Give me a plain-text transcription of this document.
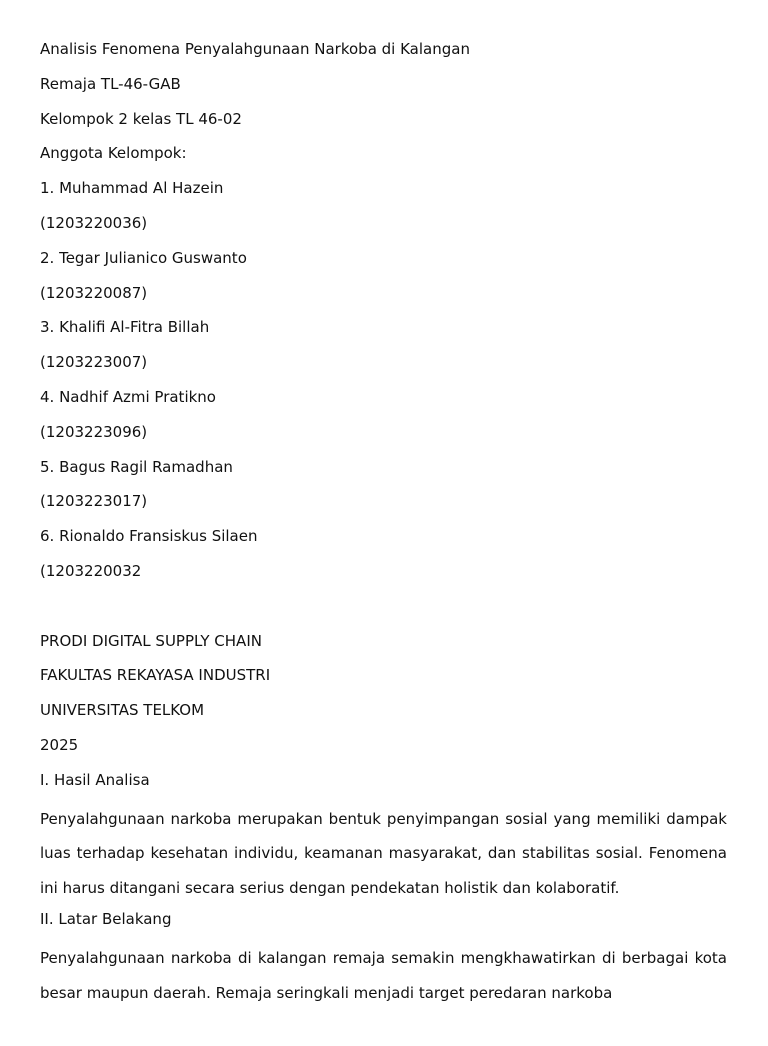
Analisis Fenomena Penyalahgunaan Narkoba di Kalangan
Remaja TL-46-GAB
Kelompok 2 kelas TL 46-02
Anggota Kelompok:
1. Muhammad Al Hazein
(1203220036)
2. Tegar Julianico Guswanto
(1203220087)
3. Khalifi Al-Fitra Billah
(1203223007)
4. Nadhif Azmi Pratikno
(1203223096)
5. Bagus Ragil Ramadhan
(1203223017)
6. Rionaldo Fransiskus Silaen
(1203220032
PRODI DIGITAL SUPPLY CHAIN
FAKULTAS REKAYASA INDUSTRI
UNIVERSITAS TELKOM
2025
I. Hasil Analisa

Penyalahgunaan narkoba merupakan bentuk penyimpangan sosial yang memiliki dampak luas terhadap kesehatan individu, keamanan masyarakat, dan stabilitas sosial. Fenomena ini harus ditangani secara serius dengan pendekatan holistik dan kolaboratif.

II. Latar Belakang

Penyalahgunaan narkoba di kalangan remaja semakin mengkhawatirkan di berbagai kota besar maupun daerah. Remaja seringkali menjadi target peredaran narkoba
